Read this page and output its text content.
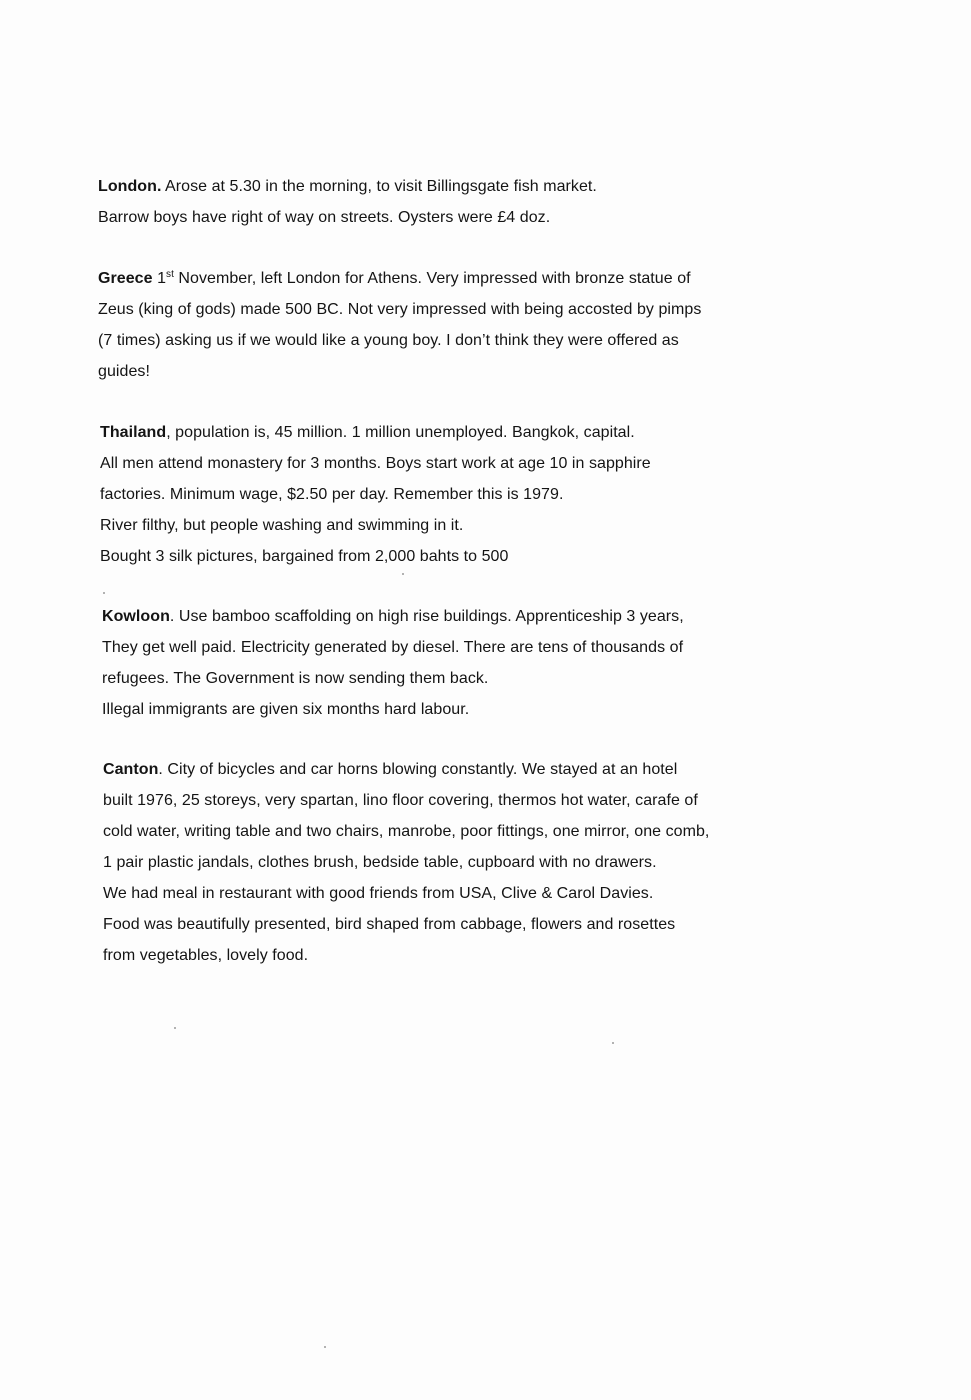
London. Arose at 5.30 in the morning, to visit Billingsgate fish market.
Barrow boys have right of way on streets. Oysters were £4 doz.
Greece 1st November, left London for Athens. Very impressed with bronze statue of
Zeus (king of gods) made 500 BC. Not very impressed with being accosted by pimps
(7 times) asking us if we would like a young boy. I don’t think they were offered as
guides!
Thailand, population is, 45 million. 1 million unemployed. Bangkok, capital.
All men attend monastery for 3 months. Boys start work at age 10 in sapphire
factories. Minimum wage, $2.50 per day. Remember this is 1979.
River filthy, but people washing and swimming in it.
Bought 3 silk pictures, bargained from 2,000 bahts to 500
Kowloon. Use bamboo scaffolding on high rise buildings. Apprenticeship 3 years,
They get well paid. Electricity generated by diesel. There are tens of thousands of
refugees. The Government is now sending them back.
Illegal immigrants are given six months hard labour.
Canton. City of bicycles and car horns blowing constantly. We stayed at an hotel
built 1976, 25 storeys, very spartan, lino floor covering, thermos hot water, carafe of
cold water, writing table and two chairs, manrobe, poor fittings, one mirror, one comb,
1 pair plastic jandals, clothes brush, bedside table, cupboard with no drawers.
We had meal in restaurant with good friends from USA, Clive & Carol Davies.
Food was beautifully presented, bird shaped from cabbage, flowers and rosettes
from vegetables, lovely food.
